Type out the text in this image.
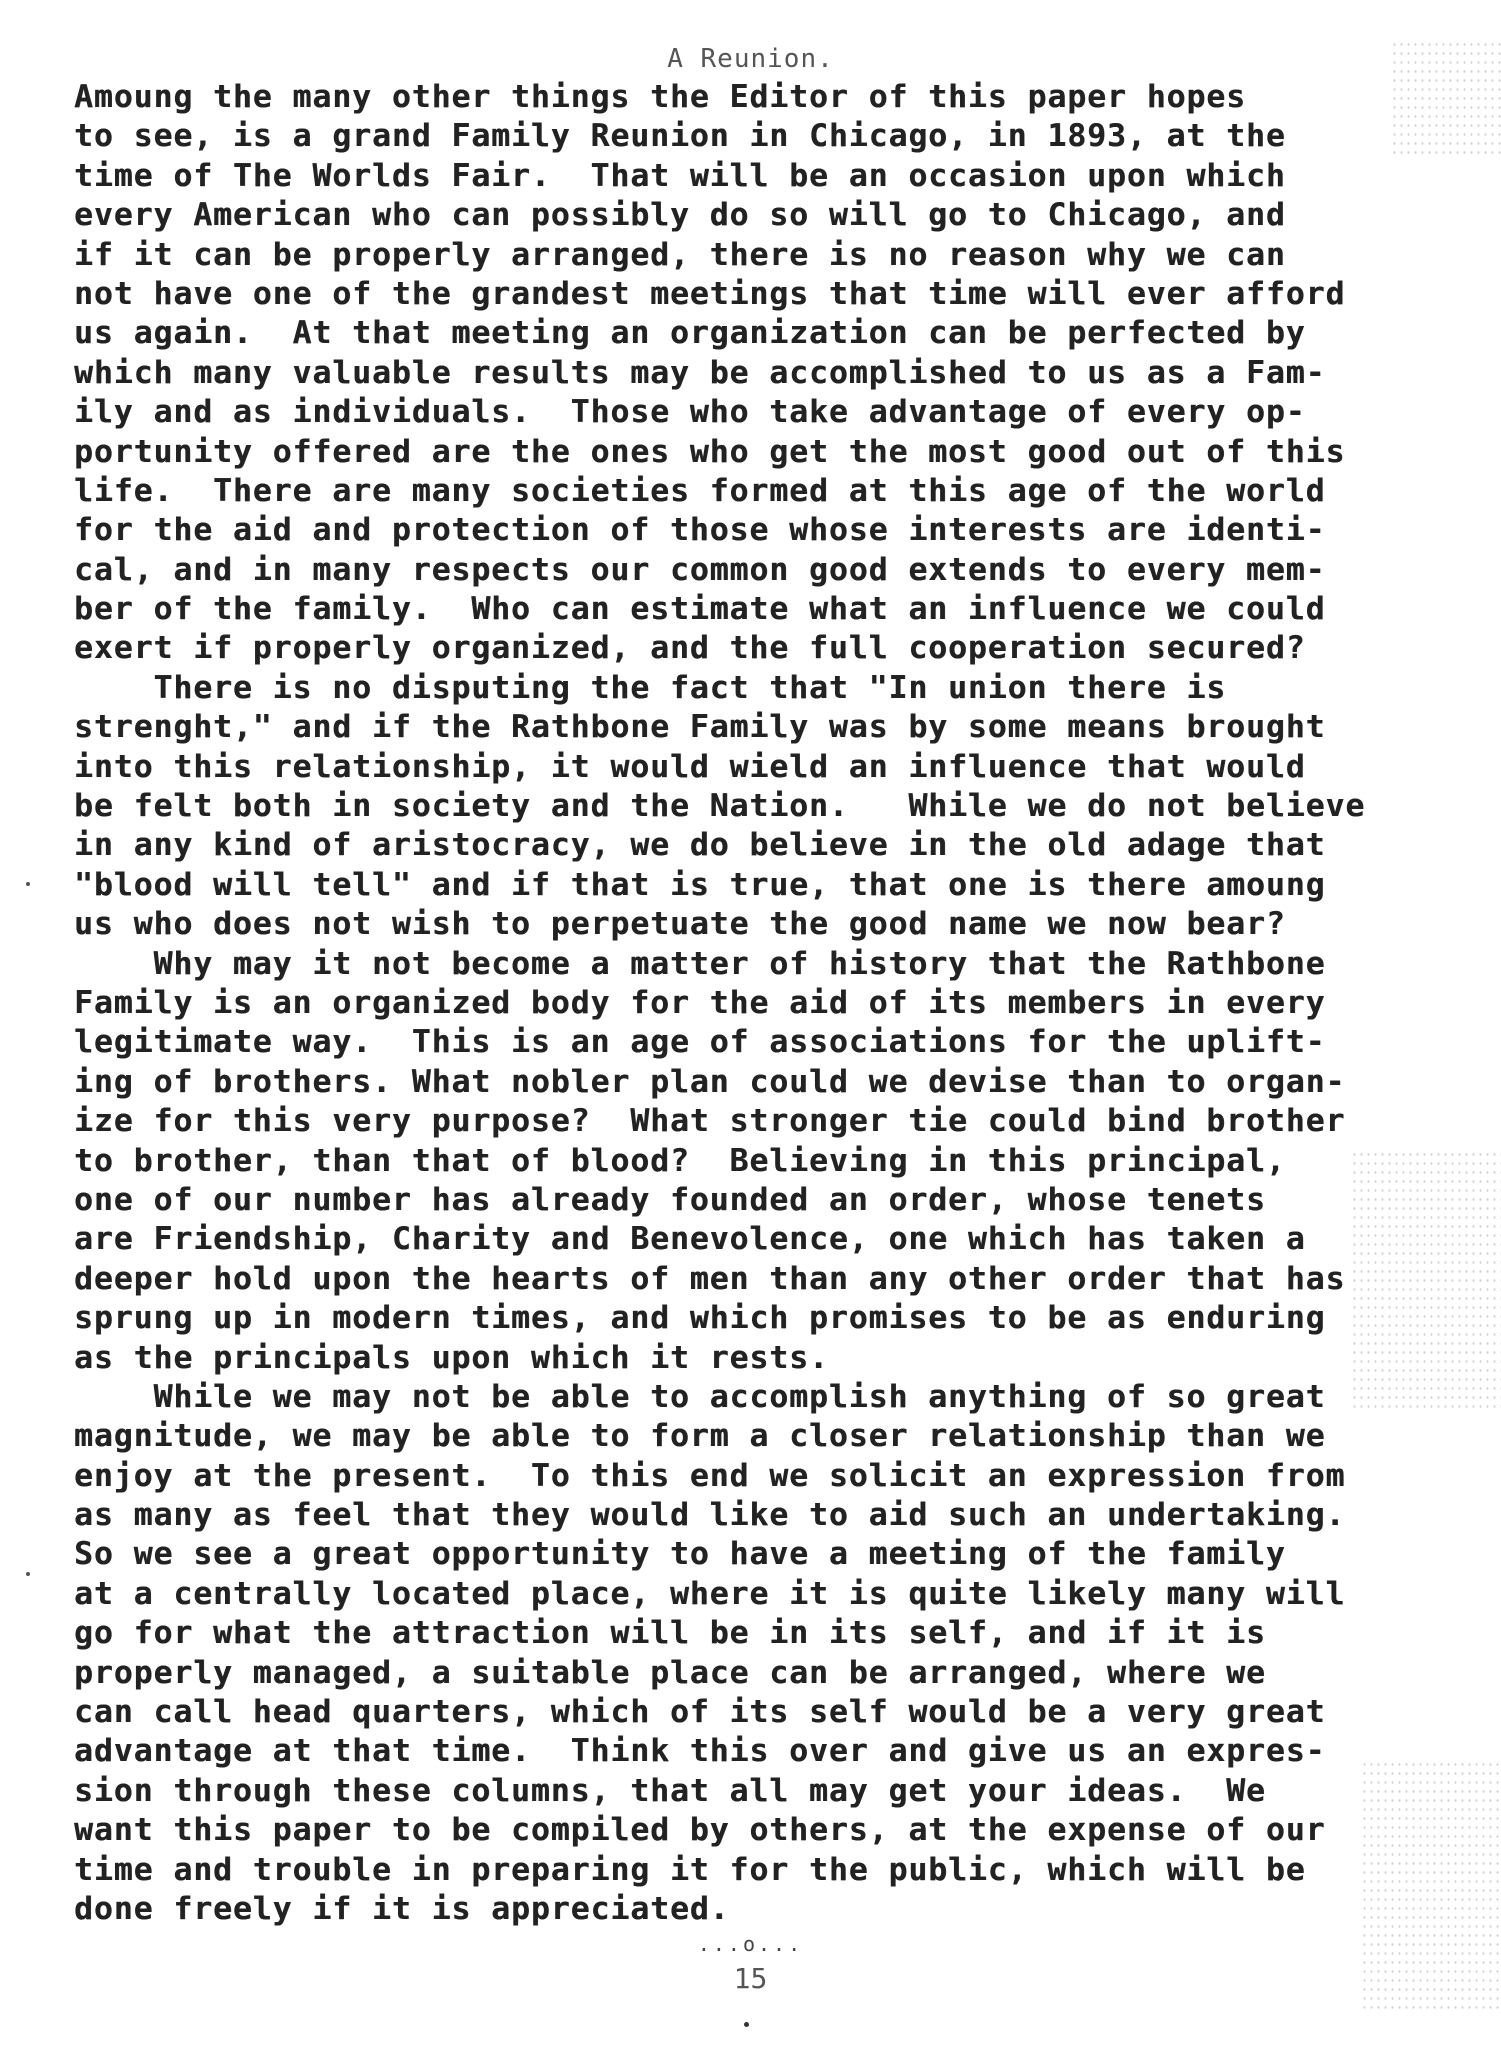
A Reunion.
Amoung the many other things the Editor of this paper hopes
to see, is a grand Family Reunion in Chicago, in 1893, at the
time of The Worlds Fair.  That will be an occasion upon which
every American who can possibly do so will go to Chicago, and
if it can be properly arranged, there is no reason why we can
not have one of the grandest meetings that time will ever afford
us again.  At that meeting an organization can be perfected by
which many valuable results may be accomplished to us as a Fam-
ily and as individuals.  Those who take advantage of every op-
portunity offered are the ones who get the most good out of this
life.  There are many societies formed at this age of the world
for the aid and protection of those whose interests are identi-
cal, and in many respects our common good extends to every mem-
ber of the family.  Who can estimate what an influence we could
exert if properly organized, and the full cooperation secured?
There is no disputing the fact that "In union there is
strenght," and if the Rathbone Family was by some means brought
into this relationship, it would wield an influence that would
be felt both in society and the Nation.   While we do not believe
in any kind of aristocracy, we do believe in the old adage that
"blood will tell" and if that is true, that one is there amoung
us who does not wish to perpetuate the good name we now bear?
Why may it not become a matter of history that the Rathbone
Family is an organized body for the aid of its members in every
legitimate way.  This is an age of associations for the uplift-
ing of brothers. What nobler plan could we devise than to organ-
ize for this very purpose?  What stronger tie could bind brother
to brother, than that of blood?  Believing in this principal,
one of our number has already founded an order, whose tenets
are Friendship, Charity and Benevolence, one which has taken a
deeper hold upon the hearts of men than any other order that has
sprung up in modern times, and which promises to be as enduring
as the principals upon which it rests.
While we may not be able to accomplish anything of so great
magnitude, we may be able to form a closer relationship than we
enjoy at the present.  To this end we solicit an expression from
as many as feel that they would like to aid such an undertaking.
So we see a great opportunity to have a meeting of the family
at a centrally located place, where it is quite likely many will
go for what the attraction will be in its self, and if it is
properly managed, a suitable place can be arranged, where we
can call head quarters, which of its self would be a very great
advantage at that time.  Think this over and give us an expres-
sion through these columns, that all may get your ideas.  We
want this paper to be compiled by others, at the expense of our
time and trouble in preparing it for the public, which will be
done freely if it is appreciated.
...o...
15
